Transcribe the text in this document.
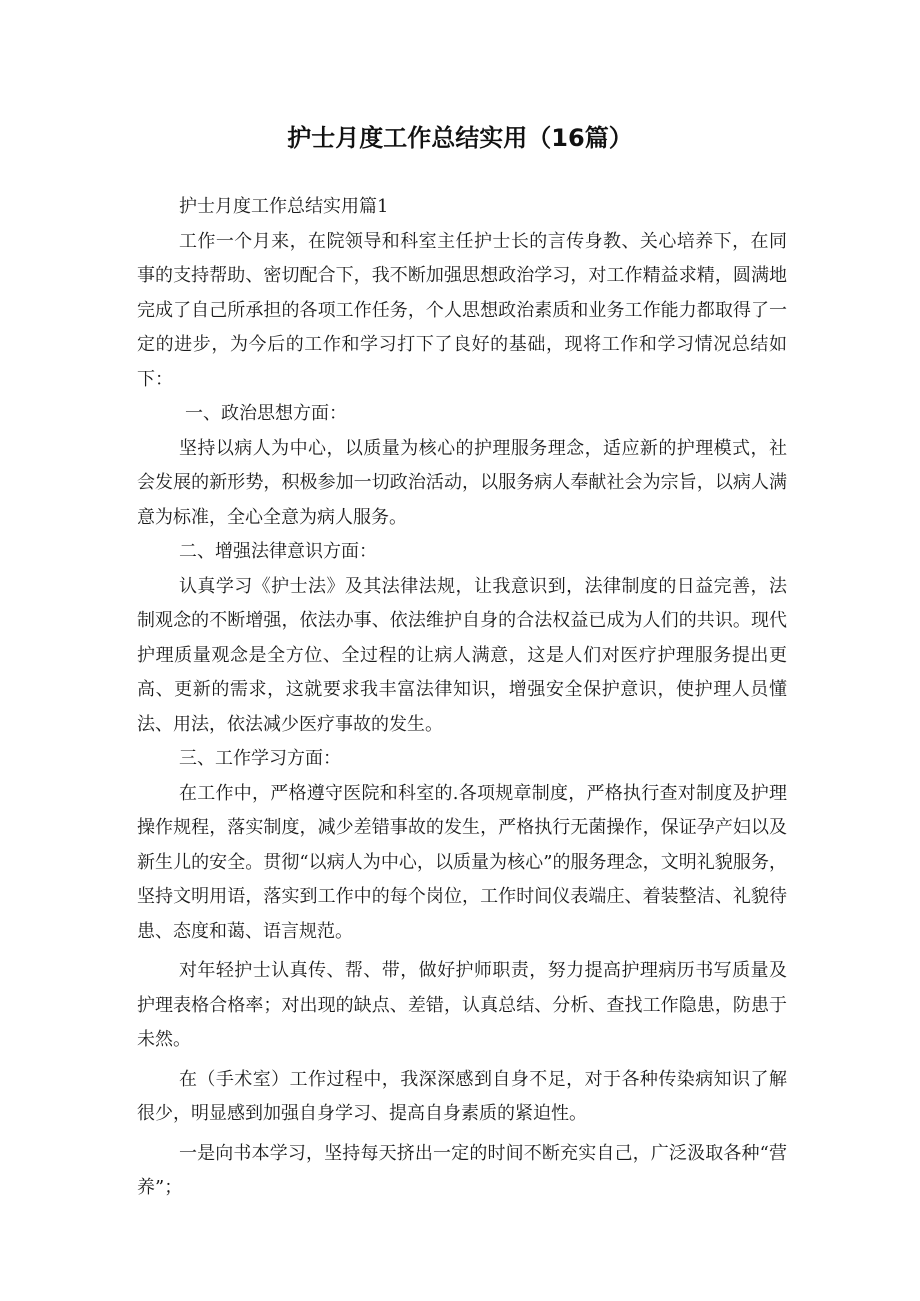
护士月度工作总结实用（16篇）

护士月度工作总结实用篇1

工作一个月来，在院领导和科室主任护士长的言传身教、关心培养下，在同事的支持帮助、密切配合下，我不断加强思想政治学习，对工作精益求精，圆满地完成了自己所承担的各项工作任务，个人思想政治素质和业务工作能力都取得了一定的进步，为今后的工作和学习打下了良好的基础，现将工作和学习情况总结如下：

一、政治思想方面：

坚持以病人为中心，以质量为核心的护理服务理念，适应新的护理模式，社会发展的新形势，积极参加一切政治活动，以服务病人奉献社会为宗旨，以病人满意为标准，全心全意为病人服务。

二、增强法律意识方面：

认真学习《护士法》及其法律法规，让我意识到，法律制度的日益完善，法制观念的不断增强，依法办事、依法维护自身的合法权益已成为人们的共识。现代护理质量观念是全方位、全过程的让病人满意，这是人们对医疗护理服务提出更高、更新的需求，这就要求我丰富法律知识，增强安全保护意识，使护理人员懂法、用法，依法减少医疗事故的发生。

三、工作学习方面：

在工作中，严格遵守医院和科室的.各项规章制度，严格执行查对制度及护理操作规程，落实制度，减少差错事故的发生，严格执行无菌操作，保证孕产妇以及新生儿的安全。贯彻“以病人为中心，以质量为核心”的服务理念，文明礼貌服务，坚持文明用语，落实到工作中的每个岗位，工作时间仪表端庄、着装整洁、礼貌待患、态度和蔼、语言规范。

对年轻护士认真传、帮、带，做好护师职责，努力提高护理病历书写质量及护理表格合格率；对出现的缺点、差错，认真总结、分析、查找工作隐患，防患于未然。

在（手术室）工作过程中，我深深感到自身不足，对于各种传染病知识了解很少，明显感到加强自身学习、提高自身素质的紧迫性。

一是向书本学习，坚持每天挤出一定的时间不断充实自己，广泛汲取各种“营养”；
